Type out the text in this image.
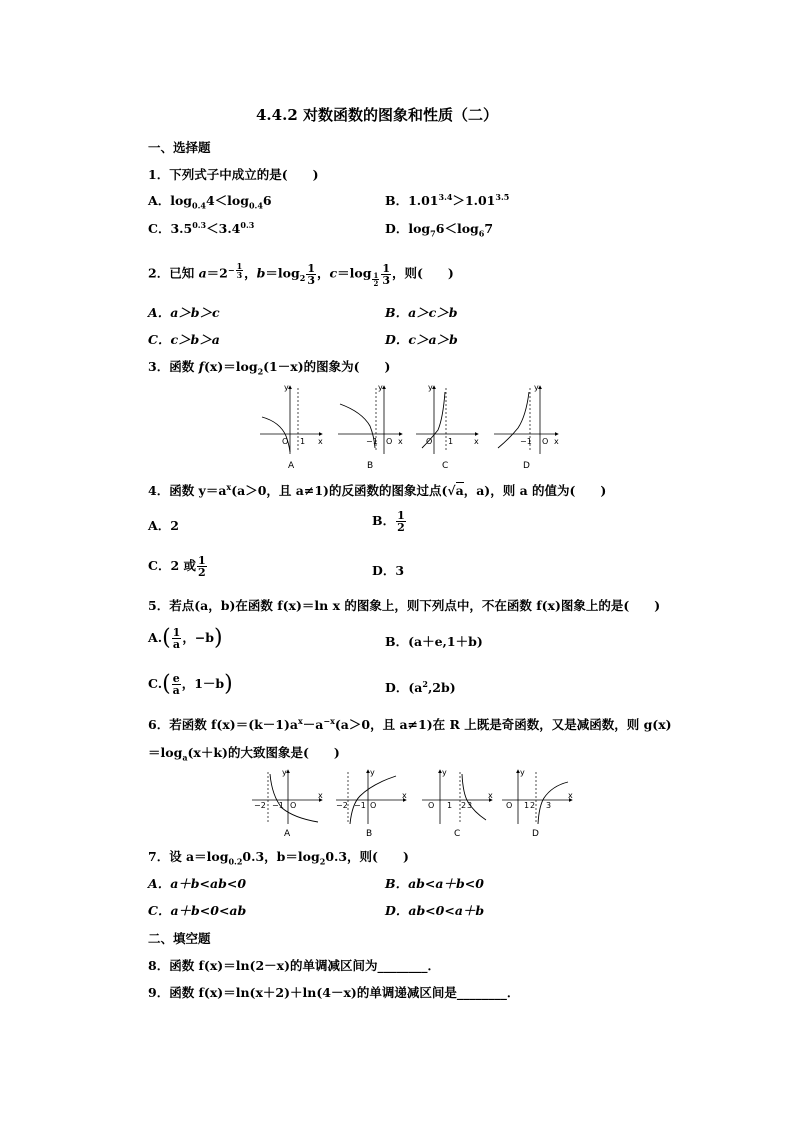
4.4.2 对数函数的图象和性质（二）
一、选择题
1．下列式子中成立的是(　　)
A．$\log_{0.4}4<\log_{0.4}6$	B．$1.01^{3.4}>1.01^{3.5}$
C．$3.5^{0.3}<3.4^{0.3}$	D．$\log_76<\log_67$
2．已知 $a=2^{- \frac{1}{3}}$ ，$b=\log_2 \frac{1}{3}$ ，c＝log $_{\frac{1}{2}} \frac{1}{3}$ ，则(　　)
A．a＞b＞c	B．a＞c＞b
C．c＞b＞a	D．c＞a＞b
3．函数 $f(x)=\log_2(1-x)$的图象为(　　)
y
x
O 1
A
y
x
−1 O
B
y
x
O 1
C
y
x
−1 O
D
4．函数 $y=a^x(a>0$，且 a≠1)的反函数的图象过点(√a，a)，则 a 的值为(　　)
A．2	B． $\frac{1}{2}$
C．2 或 $\frac{1}{2}$	D．3
5．若点(a，b)在函数 f(x)＝ln x 的图象上，则下列点中，不在函数 f(x)图象上的是(　　)
$A.( \frac{1}{a}$ ，−b)	B．(a＋e,1＋b)
$C.( \frac{e}{a}$ ，1－b)	D．$(a^2,2b)$
6．若函数 $f(x)=(k-1)a^x-a^{-x}(a>0$，且 a≠1)在 R 上既是奇函数，又是减函数，则 g(x)
$=\log_a(x+k)$的大致图象是(　　)
y
x
−2 −1 O
A
y
x
−2 −1 O
B
y
x
O 1 2 3
C
y
x
O 1 2 3
D
7．设 $a=\log_{0.2}0.3$，$b=\log_20.3$，则(　　)
A．a＋b<ab<0	B．ab<a＋b<0
C．a＋b<0<ab	D．ab<0<a＋b
二、填空题
8．函数 f(x)＝ln(2－x)的单调减区间为________．
9．函数 f(x)＝ln(x＋2)＋ln(4－x)的单调递减区间是________．
